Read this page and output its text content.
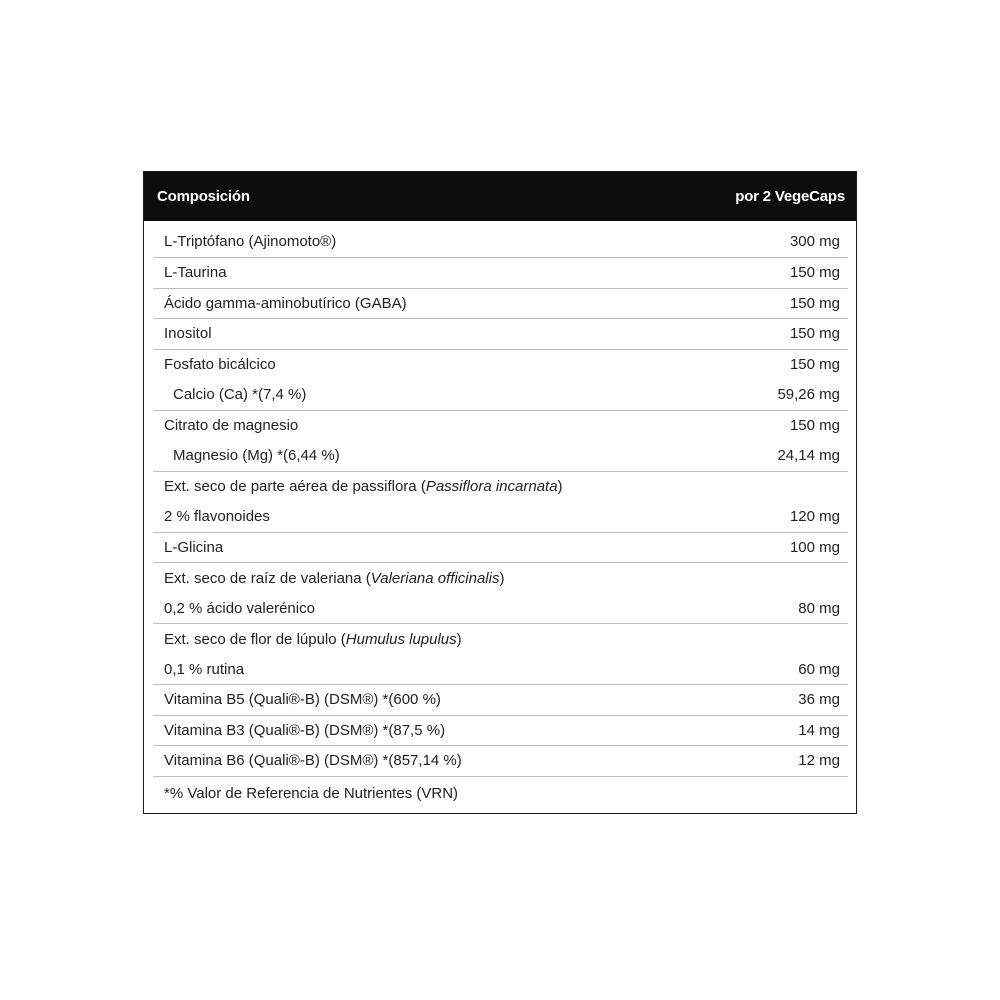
Composición	por 2 VegeCaps
L-Triptófano (Ajinomoto®)	300 mg
L-Taurina	150 mg
Ácido gamma-aminobutírico (GABA)	150 mg
Inositol	150 mg
Fosfato bicálcico	150 mg
Calcio (Ca) *(7,4 %)	59,26 mg
Citrato de magnesio	150 mg
Magnesio (Mg) *(6,44 %)	24,14 mg
Ext. seco de parte aérea de passiflora (Passiflora incarnata)
2 % flavonoides	120 mg
L-Glicina	100 mg
Ext. seco de raíz de valeriana (Valeriana officinalis)
0,2 % ácido valerénico	80 mg
Ext. seco de flor de lúpulo (Humulus lupulus)
0,1 % rutina	60 mg
Vitamina B5 (Quali®-B) (DSM®) *(600 %)	36 mg
Vitamina B3 (Quali®-B) (DSM®) *(87,5 %)	14 mg
Vitamina B6 (Quali®-B) (DSM®) *(857,14 %)	12 mg
*% Valor de Referencia de Nutrientes (VRN)
